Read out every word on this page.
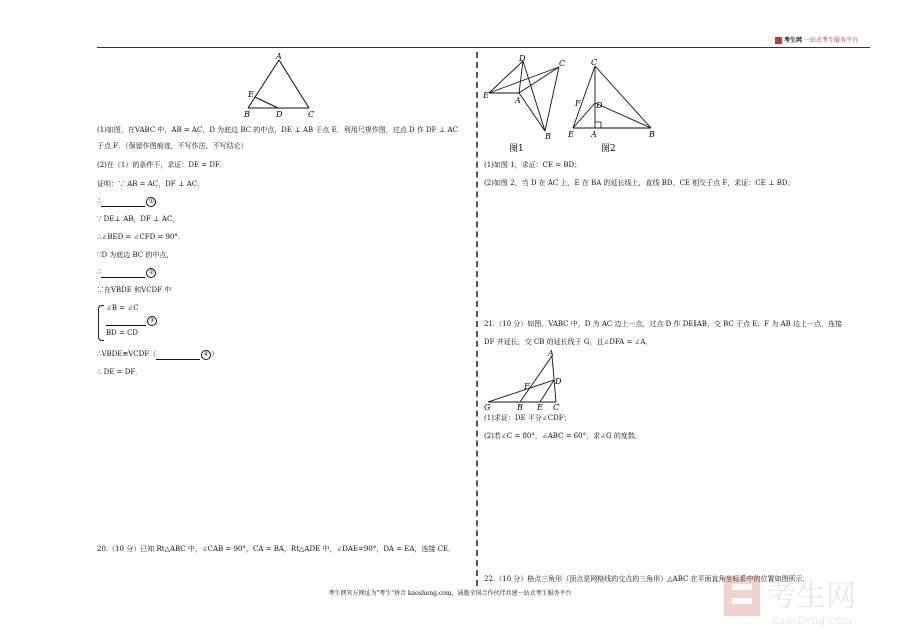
考生网 一站式考生服务平台
A
B	D	C
E
(1)如图，在VABC 中，AB = AC，D 为底边 BC 的中点，DE ⊥ AB 于点 E．利用尺规作图，过点 D 作 DF ⊥ AC
于点 F．（保留作图痕迹，不写作法，不写结论）
(2)在（1）的条件下，求证：DE = DF．
证明：∵ AB = AC，DF ⊥ AC，
∴	①
∵ DE⊥ AB，DF ⊥ AC，
∴∠BED = ∠CFD = 90°．
∵D 为底边 BC 的中点，
∴	②
∵在VBDE 和VCDF 中
∠B = ∠C
③
BD = CD
∴VBDE≌VCDF（	④ ）
∴ DE = DF．
20.（10 分）已知 Rt△ABC 中，∠CAB = 90°，CA = BA，Rt△ADE 中，∠DAE=90°，DA = EA，连接 CE．
D
C
E
A
B
图1
C
F D
E A	B
图2
(1)如图 1，求证：CE = BD；
(2)如图 2，当 D 在 AC 上，E 在 BA 的延长线上，直线 BD、CE 相交于点 F，求证：CE ⊥ BD；
21.（10 分）如图，VABC 中，D 为 AC 边上一点，过点 D 作 DE∥AB，交 BC 于点 E；F 为 AB 边上一点，连接
DF 并延长，交 CB 的延长线于 G，且∠DFA = ∠A．
A
F
D
G	B E C
(1)求证：DE 平分∠CDF；
(2)若∠C = 80°，∠ABC = 60°，求∠G 的度数．
22.（10 分）格点三角形（顶点是网格线的交点的三角形）△ABC 在平面直角坐标系中的位置如图所示．
考生网官方网址为"考生"拼音 kaosheng.com，诚邀全国合作伙伴共建一站式考生服务平台	考生网
kaosheng.com
